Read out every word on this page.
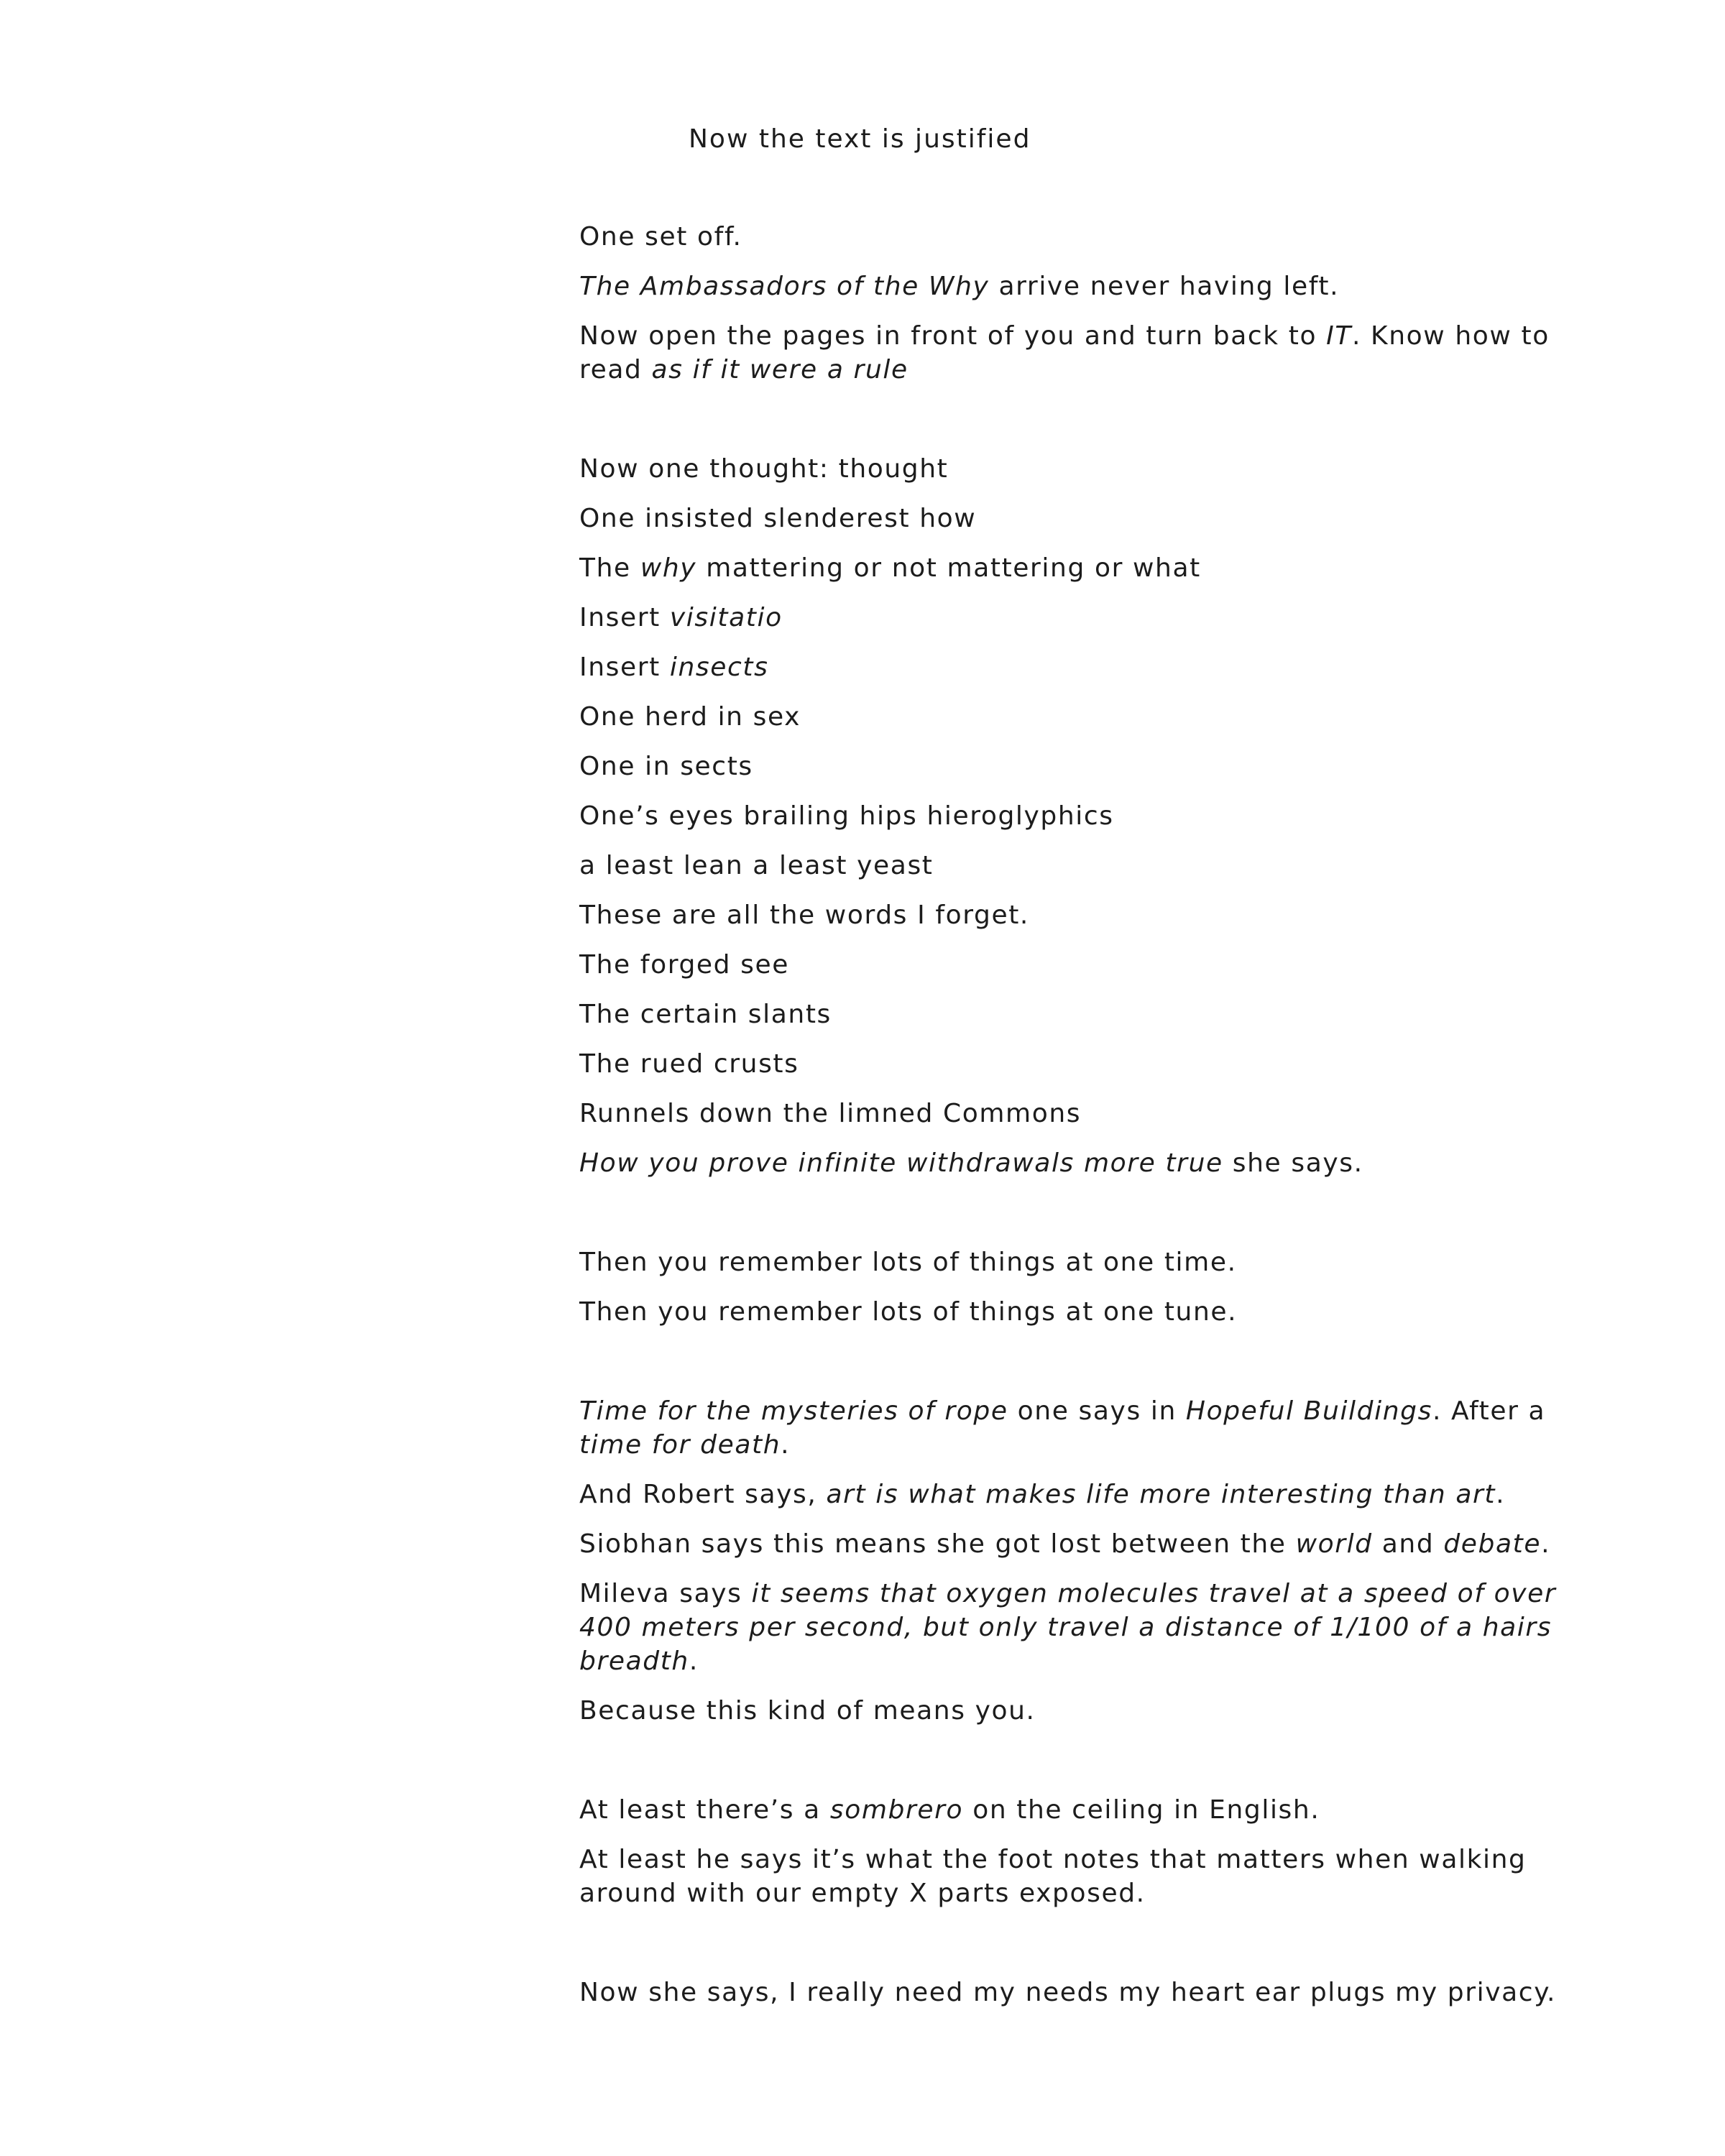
Now the text is justified

One set off.

The Ambassadors of the Why arrive never having left.

Now open the pages in front of you and turn back to IT. Know how to read as if it were a rule

Now one thought: thought

One insisted slenderest how

The why mattering or not mattering or what

Insert visitatio

Insert insects

One herd in sex

One in sects

One’s eyes brailing hips hieroglyphics

a least lean a least yeast

These are all the words I forget.

The forged see

The certain slants

The rued crusts

Runnels down the limned Commons

How you prove infinite withdrawals more true she says.

Then you remember lots of things at one time.

Then you remember lots of things at one tune.

Time for the mysteries of rope one says in Hopeful Buildings. After a time for death.

And Robert says, art is what makes life more interesting than art.

Siobhan says this means she got lost between the world and debate.

Mileva says it seems that oxygen molecules travel at a speed of over 400 meters per second, but only travel a distance of 1/100 of a hairs breadth.

Because this kind of means you.

At least there’s a sombrero on the ceiling in English.

At least he says it’s what the foot notes that matters when walking around with our empty X parts exposed.

Now she says, I really need my needs my heart ear plugs my privacy.
